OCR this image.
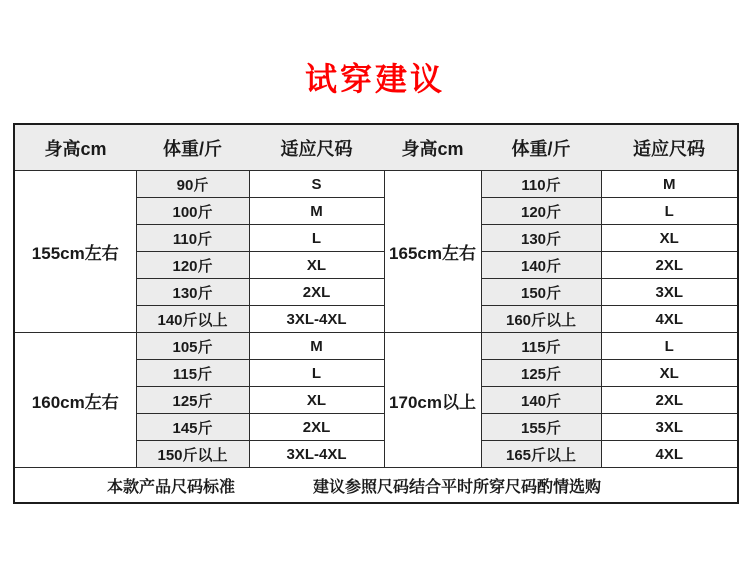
试穿建议
身高cm	体重/斤	适应尺码	身高cm	体重/斤	适应尺码
155cm左右	90斤	S	165cm左右	110斤	M
	100斤	M		120斤	L
	110斤	L		130斤	XL
	120斤	XL		140斤	2XL
	130斤	2XL		150斤	3XL
	140斤以上	3XL-4XL		160斤以上	4XL
160cm左右	105斤	M	170cm以上	115斤	L
	115斤	L		125斤	XL
	125斤	XL		140斤	2XL
	145斤	2XL		155斤	3XL
	150斤以上	3XL-4XL		165斤以上	4XL

本款产品尺码标准 建议参照尺码结合平时所穿尺码酌情选购					
